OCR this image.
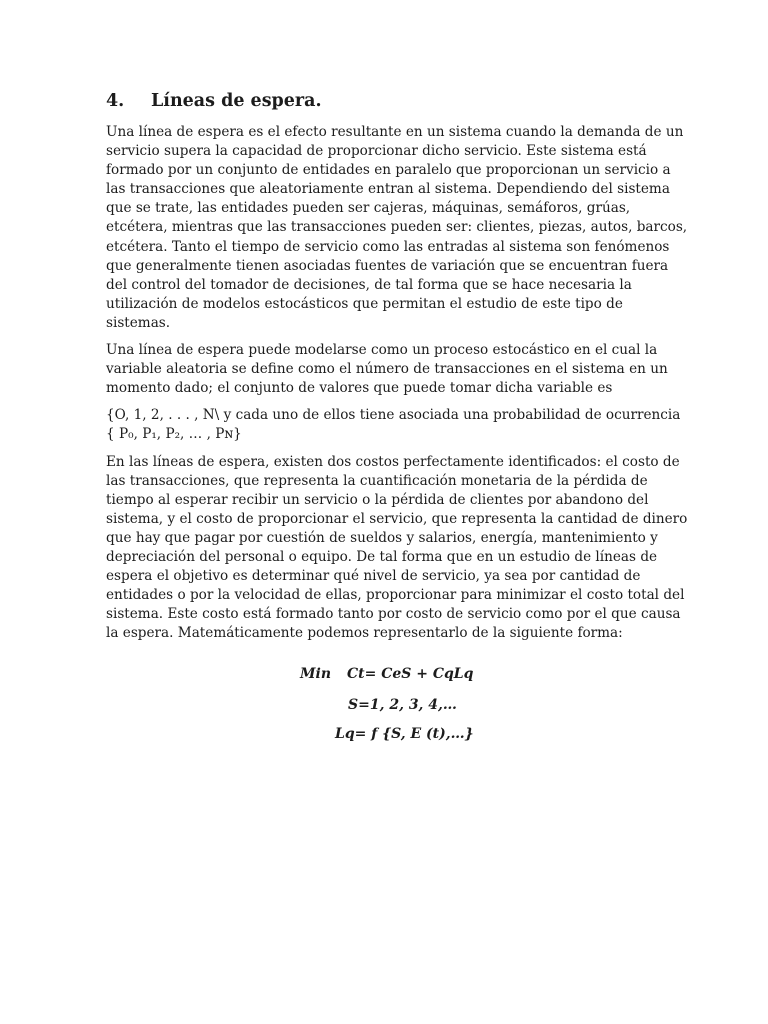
4. Líneas de espera.

Una línea de espera es el efecto resultante en un sistema cuando la demanda de un
servicio supera la capacidad de proporcionar dicho servicio. Este sistema está
formado por un conjunto de entidades en paralelo que proporcionan un servicio a
las transacciones que aleatoriamente entran al sistema. Dependiendo del sistema
que se trate, las entidades pueden ser cajeras, máquinas, semáforos, grúas,
etcétera, mientras que las transacciones pueden ser: clientes, piezas, autos, barcos,
etcétera. Tanto el tiempo de servicio como las entradas al sistema son fenómenos
que generalmente tienen asociadas fuentes de variación que se encuentran fuera
del control del tomador de decisiones, de tal forma que se hace necesaria la
utilización de modelos estocásticos que permitan el estudio de este tipo de
sistemas.

Una línea de espera puede modelarse como un proceso estocástico en el cual la
variable aleatoria se define como el número de transacciones en el sistema en un
momento dado; el conjunto de valores que puede tomar dicha variable es

{O, 1, 2, . . . , N\ y cada uno de ellos tiene asociada una probabilidad de ocurrencia
{ P₀, P₁, P₂, … , Pɴ}

En las líneas de espera, existen dos costos perfectamente identificados: el costo de
las transacciones, que representa la cuantificación monetaria de la pérdida de
tiempo al esperar recibir un servicio o la pérdida de clientes por abandono del
sistema, y el costo de proporcionar el servicio, que representa la cantidad de dinero
que hay que pagar por cuestión de sueldos y salarios, energía, mantenimiento y
depreciación del personal o equipo. De tal forma que en un estudio de líneas de
espera el objetivo es determinar qué nivel de servicio, ya sea por cantidad de
entidades o por la velocidad de ellas, proporcionar para minimizar el costo total del
sistema. Este costo está formado tanto por costo de servicio como por el que causa
la espera. Matemáticamente podemos representarlo de la siguiente forma:

Min Ct= CeS + CqLq
S=1, 2, 3, 4,…
Lq= f {S, E (t),…}
